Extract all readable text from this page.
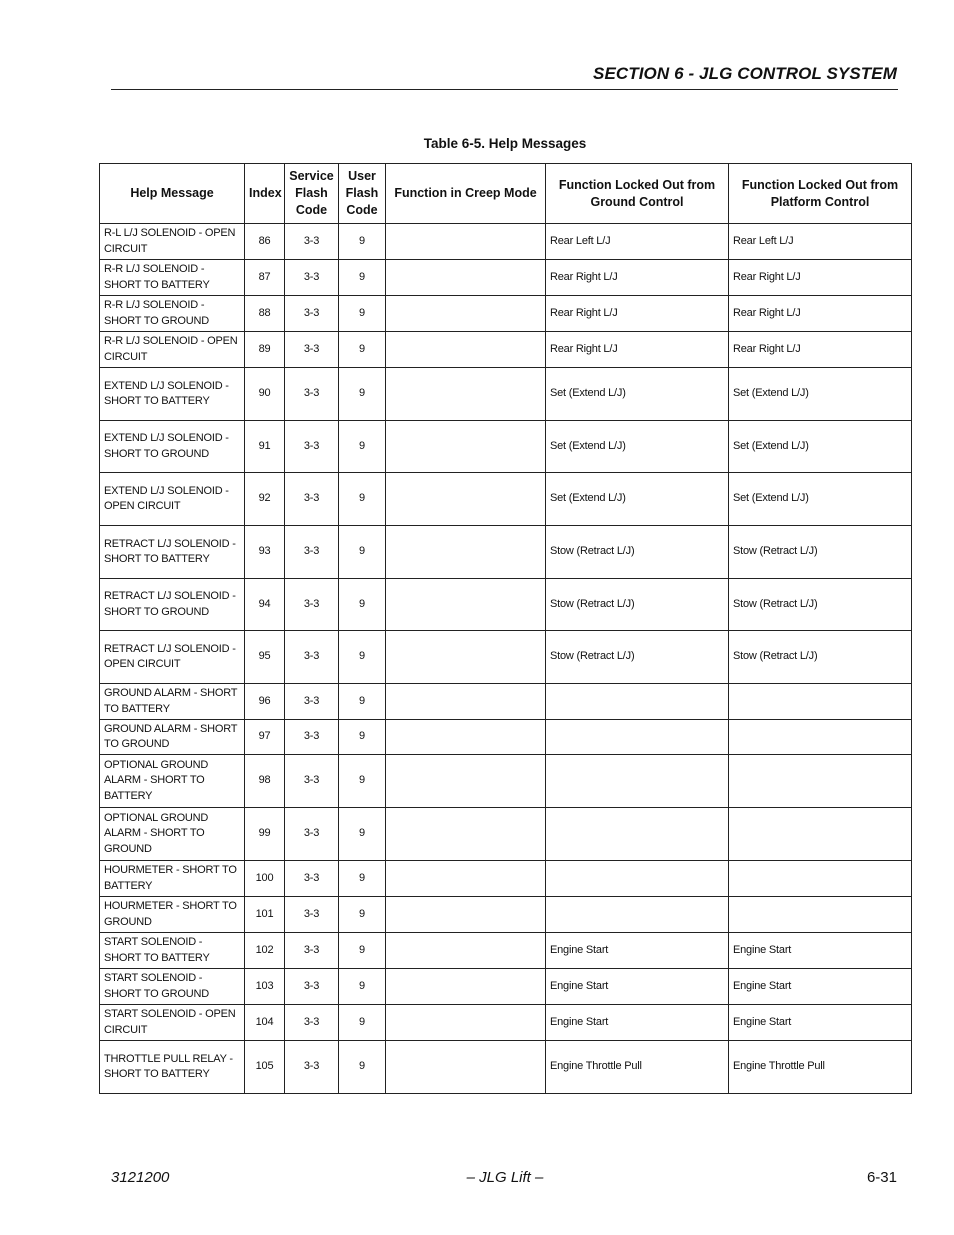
SECTION 6 - JLG CONTROL SYSTEM
Table 6-5. Help Messages
Help Message	Index	Service
Flash
Code	User
Flash
Code	Function in Creep Mode	Function Locked Out from
Ground Control	Function Locked Out from
Platform Control
R-L L/J SOLENOID - OPEN CIRCUIT	86	3-3	9		Rear Left L/J	Rear Left L/J
R-R L/J SOLENOID - SHORT TO BATTERY	87	3-3	9		Rear Right L/J	Rear Right L/J
R-R L/J SOLENOID - SHORT TO GROUND	88	3-3	9		Rear Right L/J	Rear Right L/J
R-R L/J SOLENOID - OPEN CIRCUIT	89	3-3	9		Rear Right L/J	Rear Right L/J
EXTEND L/J SOLENOID - SHORT TO BATTERY	90	3-3	9		Set (Extend L/J)	Set (Extend L/J)
EXTEND L/J SOLENOID - SHORT TO GROUND	91	3-3	9		Set (Extend L/J)	Set (Extend L/J)
EXTEND L/J SOLENOID - OPEN CIRCUIT	92	3-3	9		Set (Extend L/J)	Set (Extend L/J)
RETRACT L/J SOLENOID - SHORT TO BATTERY	93	3-3	9		Stow (Retract L/J)	Stow (Retract L/J)
RETRACT L/J SOLENOID - SHORT TO GROUND	94	3-3	9		Stow (Retract L/J)	Stow (Retract L/J)
RETRACT L/J SOLENOID - OPEN CIRCUIT	95	3-3	9		Stow (Retract L/J)	Stow (Retract L/J)
GROUND ALARM - SHORT TO BATTERY	96	3-3	9			
GROUND ALARM - SHORT TO GROUND	97	3-3	9			
OPTIONAL GROUND ALARM - SHORT TO BATTERY	98	3-3	9			
OPTIONAL GROUND ALARM - SHORT TO GROUND	99	3-3	9			
HOURMETER - SHORT TO BATTERY	100	3-3	9			
HOURMETER - SHORT TO GROUND	101	3-3	9			
START SOLENOID - SHORT TO BATTERY	102	3-3	9		Engine Start	Engine Start
START SOLENOID - SHORT TO GROUND	103	3-3	9		Engine Start	Engine Start
START SOLENOID - OPEN CIRCUIT	104	3-3	9		Engine Start	Engine Start
THROTTLE PULL RELAY - SHORT TO BATTERY	105	3-3	9		Engine Throttle Pull	Engine Throttle Pull
3121200	– JLG Lift –	6-31
